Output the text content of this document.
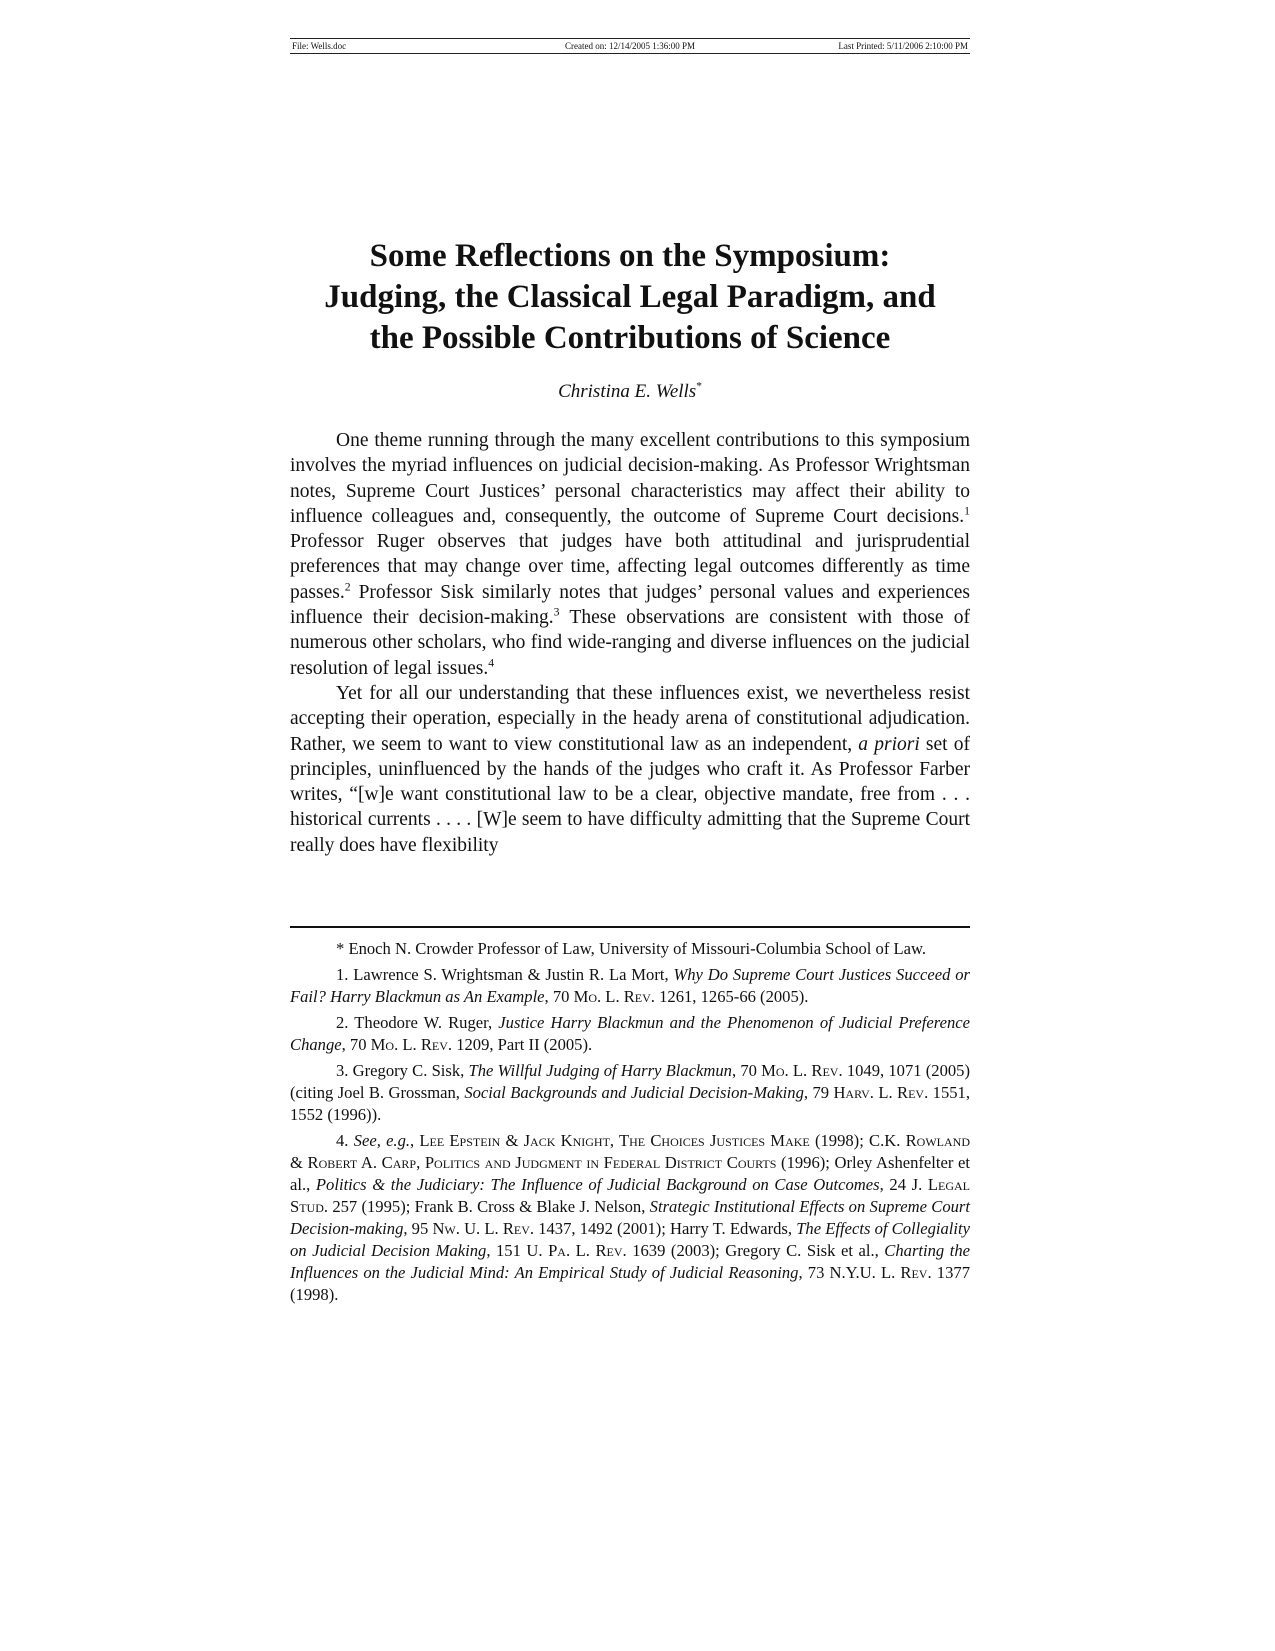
Created on: 12/14/2005 1:36:00 PM
File: Wells.doc	Last Printed: 5/11/2006 2:10:00 PM
Some Reflections on the Symposium:
Judging, the Classical Legal Paradigm, and
the Possible Contributions of Science

Christina E. Wells*

One theme running through the many excellent contributions to this symposium involves the myriad influences on judicial decision-making. As Professor Wrightsman notes, Supreme Court Justices’ personal characteristics may affect their ability to influence colleagues and, consequently, the outcome of Supreme Court decisions.$^1$ Professor Ruger observes that judges have both attitudinal and jurisprudential preferences that may change over time, affecting legal outcomes differently as time passes.$^2$ Professor Sisk similarly notes that judges’ personal values and experiences influence their decision-making.$^3$ These observations are consistent with those of numerous other scholars, who find wide-ranging and diverse influences on the judicial resolution of legal issues.$^4$

Yet for all our understanding that these influences exist, we nevertheless resist accepting their operation, especially in the heady arena of constitutional adjudication. Rather, we seem to want to view constitutional law as an independent, a priori set of principles, uninfluenced by the hands of the judges who craft it. As Professor Farber writes, “[w]e want constitutional law to be a clear, objective mandate, free from . . . historical currents . . . . [W]e seem to have difficulty admitting that the Supreme Court really does have flexibility

* Enoch N. Crowder Professor of Law, University of Missouri-Columbia School of Law.

1. Lawrence S. Wrightsman & Justin R. La Mort, Why Do Supreme Court Justices Succeed or Fail? Harry Blackmun as An Example, 70 Mo. L. Rev. 1261, 1265-66 (2005).

2. Theodore W. Ruger, Justice Harry Blackmun and the Phenomenon of Judicial Preference Change, 70 Mo. L. Rev. 1209, Part II (2005).

3. Gregory C. Sisk, The Willful Judging of Harry Blackmun, 70 Mo. L. Rev. 1049, 1071 (2005) (citing Joel B. Grossman, Social Backgrounds and Judicial Decision-Making, 79 Harv. L. Rev. 1551, 1552 (1996)).

4. See, e.g., Lee Epstein & Jack Knight, The Choices Justices Make (1998); C.K. Rowland & Robert A. Carp, Politics and Judgment in Federal District Courts (1996); Orley Ashenfelter et al., Politics & the Judiciary: The Influence of Judicial Background on Case Outcomes, 24 J. Legal Stud. 257 (1995); Frank B. Cross & Blake J. Nelson, Strategic Institutional Effects on Supreme Court Decision-making, 95 Nw. U. L. Rev. 1437, 1492 (2001); Harry T. Edwards, The Effects of Collegiality on Judicial Decision Making, 151 U. Pa. L. Rev. 1639 (2003); Gregory C. Sisk et al., Charting the Influences on the Judicial Mind: An Empirical Study of Judicial Reasoning, 73 N.Y.U. L. Rev. 1377 (1998).
